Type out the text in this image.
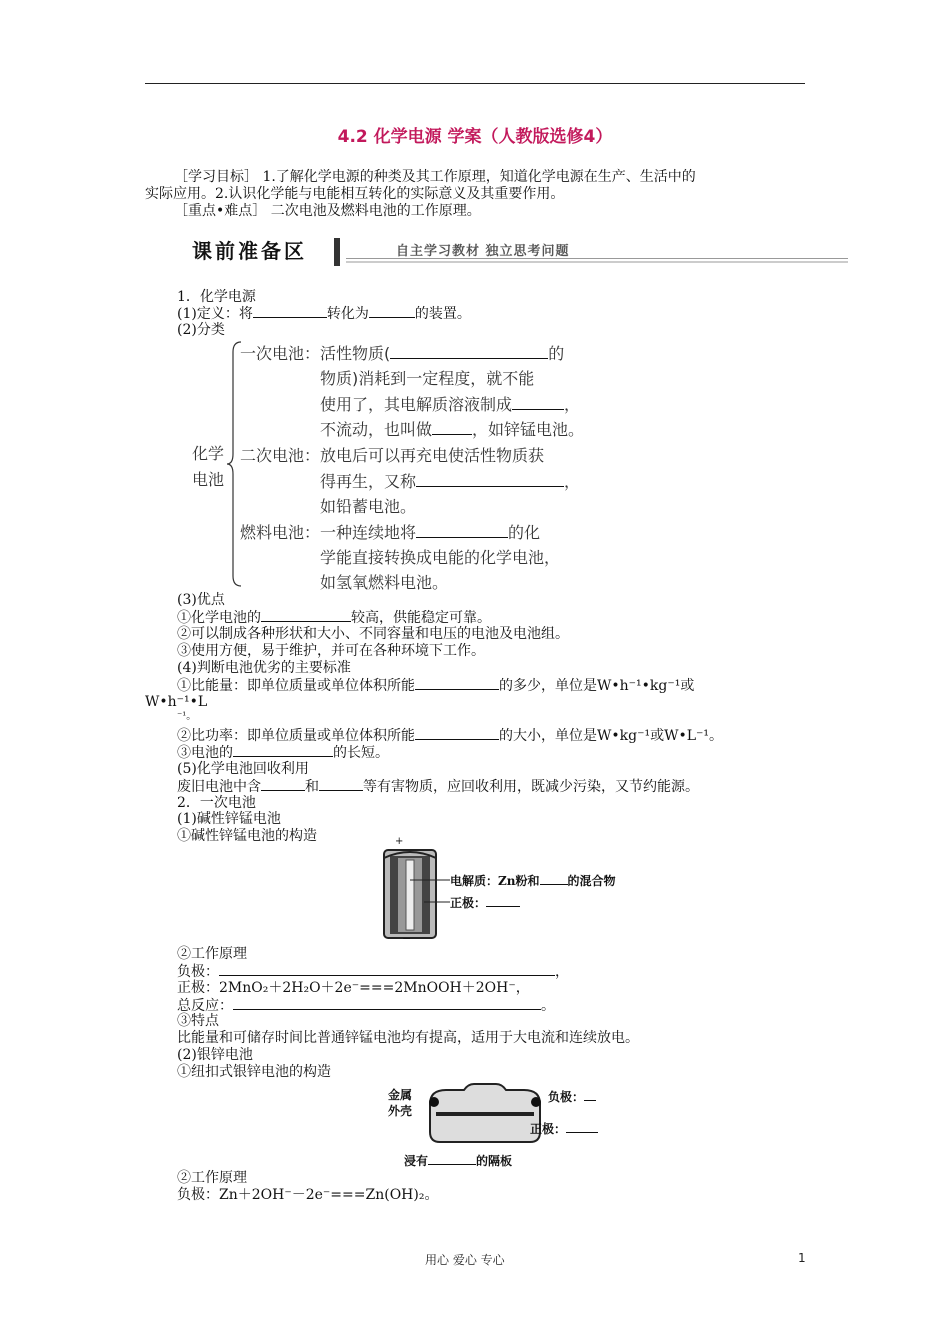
4.2 化学电源 学案（人教版选修4）
［学习目标］ 1.了解化学电源的种类及其工作原理，知道化学电源在生产、生活中的
实际应用。2.认识化学能与电能相互转化的实际意义及其重要作用。
［重点•难点］ 二次电池及燃料电池的工作原理。
课前准备区	自主学习教材 独立思考问题
1．化学电源
(1)定义：将	转化为	的装置。
(2)分类
化学
电池
一次电池：活性物质(	的
物质)消耗到一定程度，就不能
使用了，其电解质溶液制成	，
不流动，也叫做	，如锌锰电池。
二次电池：放电后可以再充电使活性物质获
得再生，又称	，
如铅蓄电池。
燃料电池：一种连续地将	的化
学能直接转换成电能的化学电池，
如氢氧燃料电池。
(3)优点
①化学电池的	较高，供能稳定可靠。
②可以制成各种形状和大小、不同容量和电压的电池及电池组。
③使用方便，易于维护，并可在各种环境下工作。
(4)判断电池优劣的主要标准
①比能量：即单位质量或单位体积所能	的多少，单位是W•h⁻¹•kg⁻¹或
W•h⁻¹•L
⁻¹。
②比功率：即单位质量或单位体积所能	的大小，单位是W•kg⁻¹或W•L⁻¹。
③电池的	的长短。
(5)化学电池回收利用
废旧电池中含	和	等有害物质，应回收利用，既减少污染，又节约能源。
2．一次电池
(1)碱性锌锰电池
①碱性锌锰电池的构造	+
−
电解质：Zn粉和 的混合物
正极：
②工作原理
负极：	，
正极：2MnO₂＋2H₂O＋2e⁻===2MnOOH＋2OH⁻，
总反应：	。
③特点
比能量和可储存时间比普通锌锰电池均有提高，适用于大电流和连续放电。
(2)银锌电池
①纽扣式银锌电池的构造
金属
外壳
负极：
正极：
浸有	的隔板
②工作原理
负极：Zn＋2OH⁻－2e⁻===Zn(OH)₂。
用心 爱心 专心	1
